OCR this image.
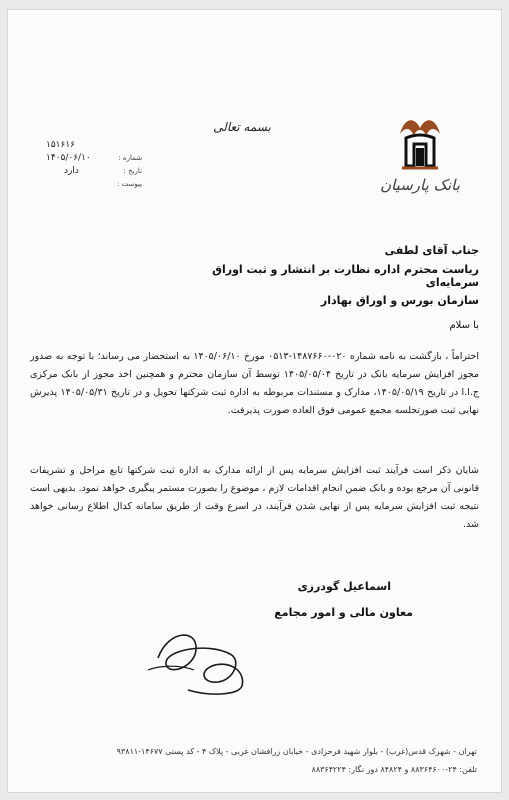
بانک پارسیان
بسمه تعالی
۱۵۱۶۱۶
۱۴۰۵/۰۶/۱۰	شماره :
دارد	تاریخ :
پیوست :
جناب آقای لطفی
ریاست محترم اداره نظارت بر انتشار و ثبت اوراق سرمایه‌ای
سازمان بورس و اوراق بهادار
با سلام
احتراماً ، بازگشت به نامه شماره ۰۲۰-۱۴۸۷۶۶۰-۰۵۱۳ مورخ ۱۴۰۵/۰۶/۱۰ به استحضار می رساند؛ با توجه به صدور مجوز افزایش سرمایه بانک در تاریخ ۱۴۰۵/۰۵/۰۴ توسط آن سازمان محترم و همچنین اخذ مجوز از بانک مرکزی ج.ا.ا در تاریخ ۱۴۰۵/۰۵/۱۹، مدارک و مستندات مربوطه به اداره ثبت شرکتها تحویل و در تاریخ ۱۴۰۵/۰۵/۳۱ پذیرش نهایی ثبت صورتجلسه مجمع عمومی فوق العاده صورت پذیرفت.
شایان ذکر است فرآیند ثبت افزایش سرمایه پس از ارائه مدارک به اداره ثبت شرکتها تابع مراحل و تشریفات قانونی آن مرجع بوده و بانک ضمن انجام اقدامات لازم ، موضوع را بصورت مستمر پیگیری خواهد نمود. بدیهی است نتیجه ثبت افزایش سرمایه پس از نهایی شدن فرآیند، در اسرع وقت از طریق سامانه کدال اطلاع رسانی خواهد شد.
اسماعیل گودرزی
معاون مالی و امور مجامع
تهران - شهرک قدس(غرب) - بلوار شهید فرحزادی - خیابان زرافشان غربی - پلاک ۴ - کد پستی ۱۴۶۷۷-۹۳۸۱۱
تلفن: ۲۴-۸۸۳۶۴۶۰۰ و ۸۴۸۲۴ دور نگار: ۸۸۳۶۴۲۲۴
